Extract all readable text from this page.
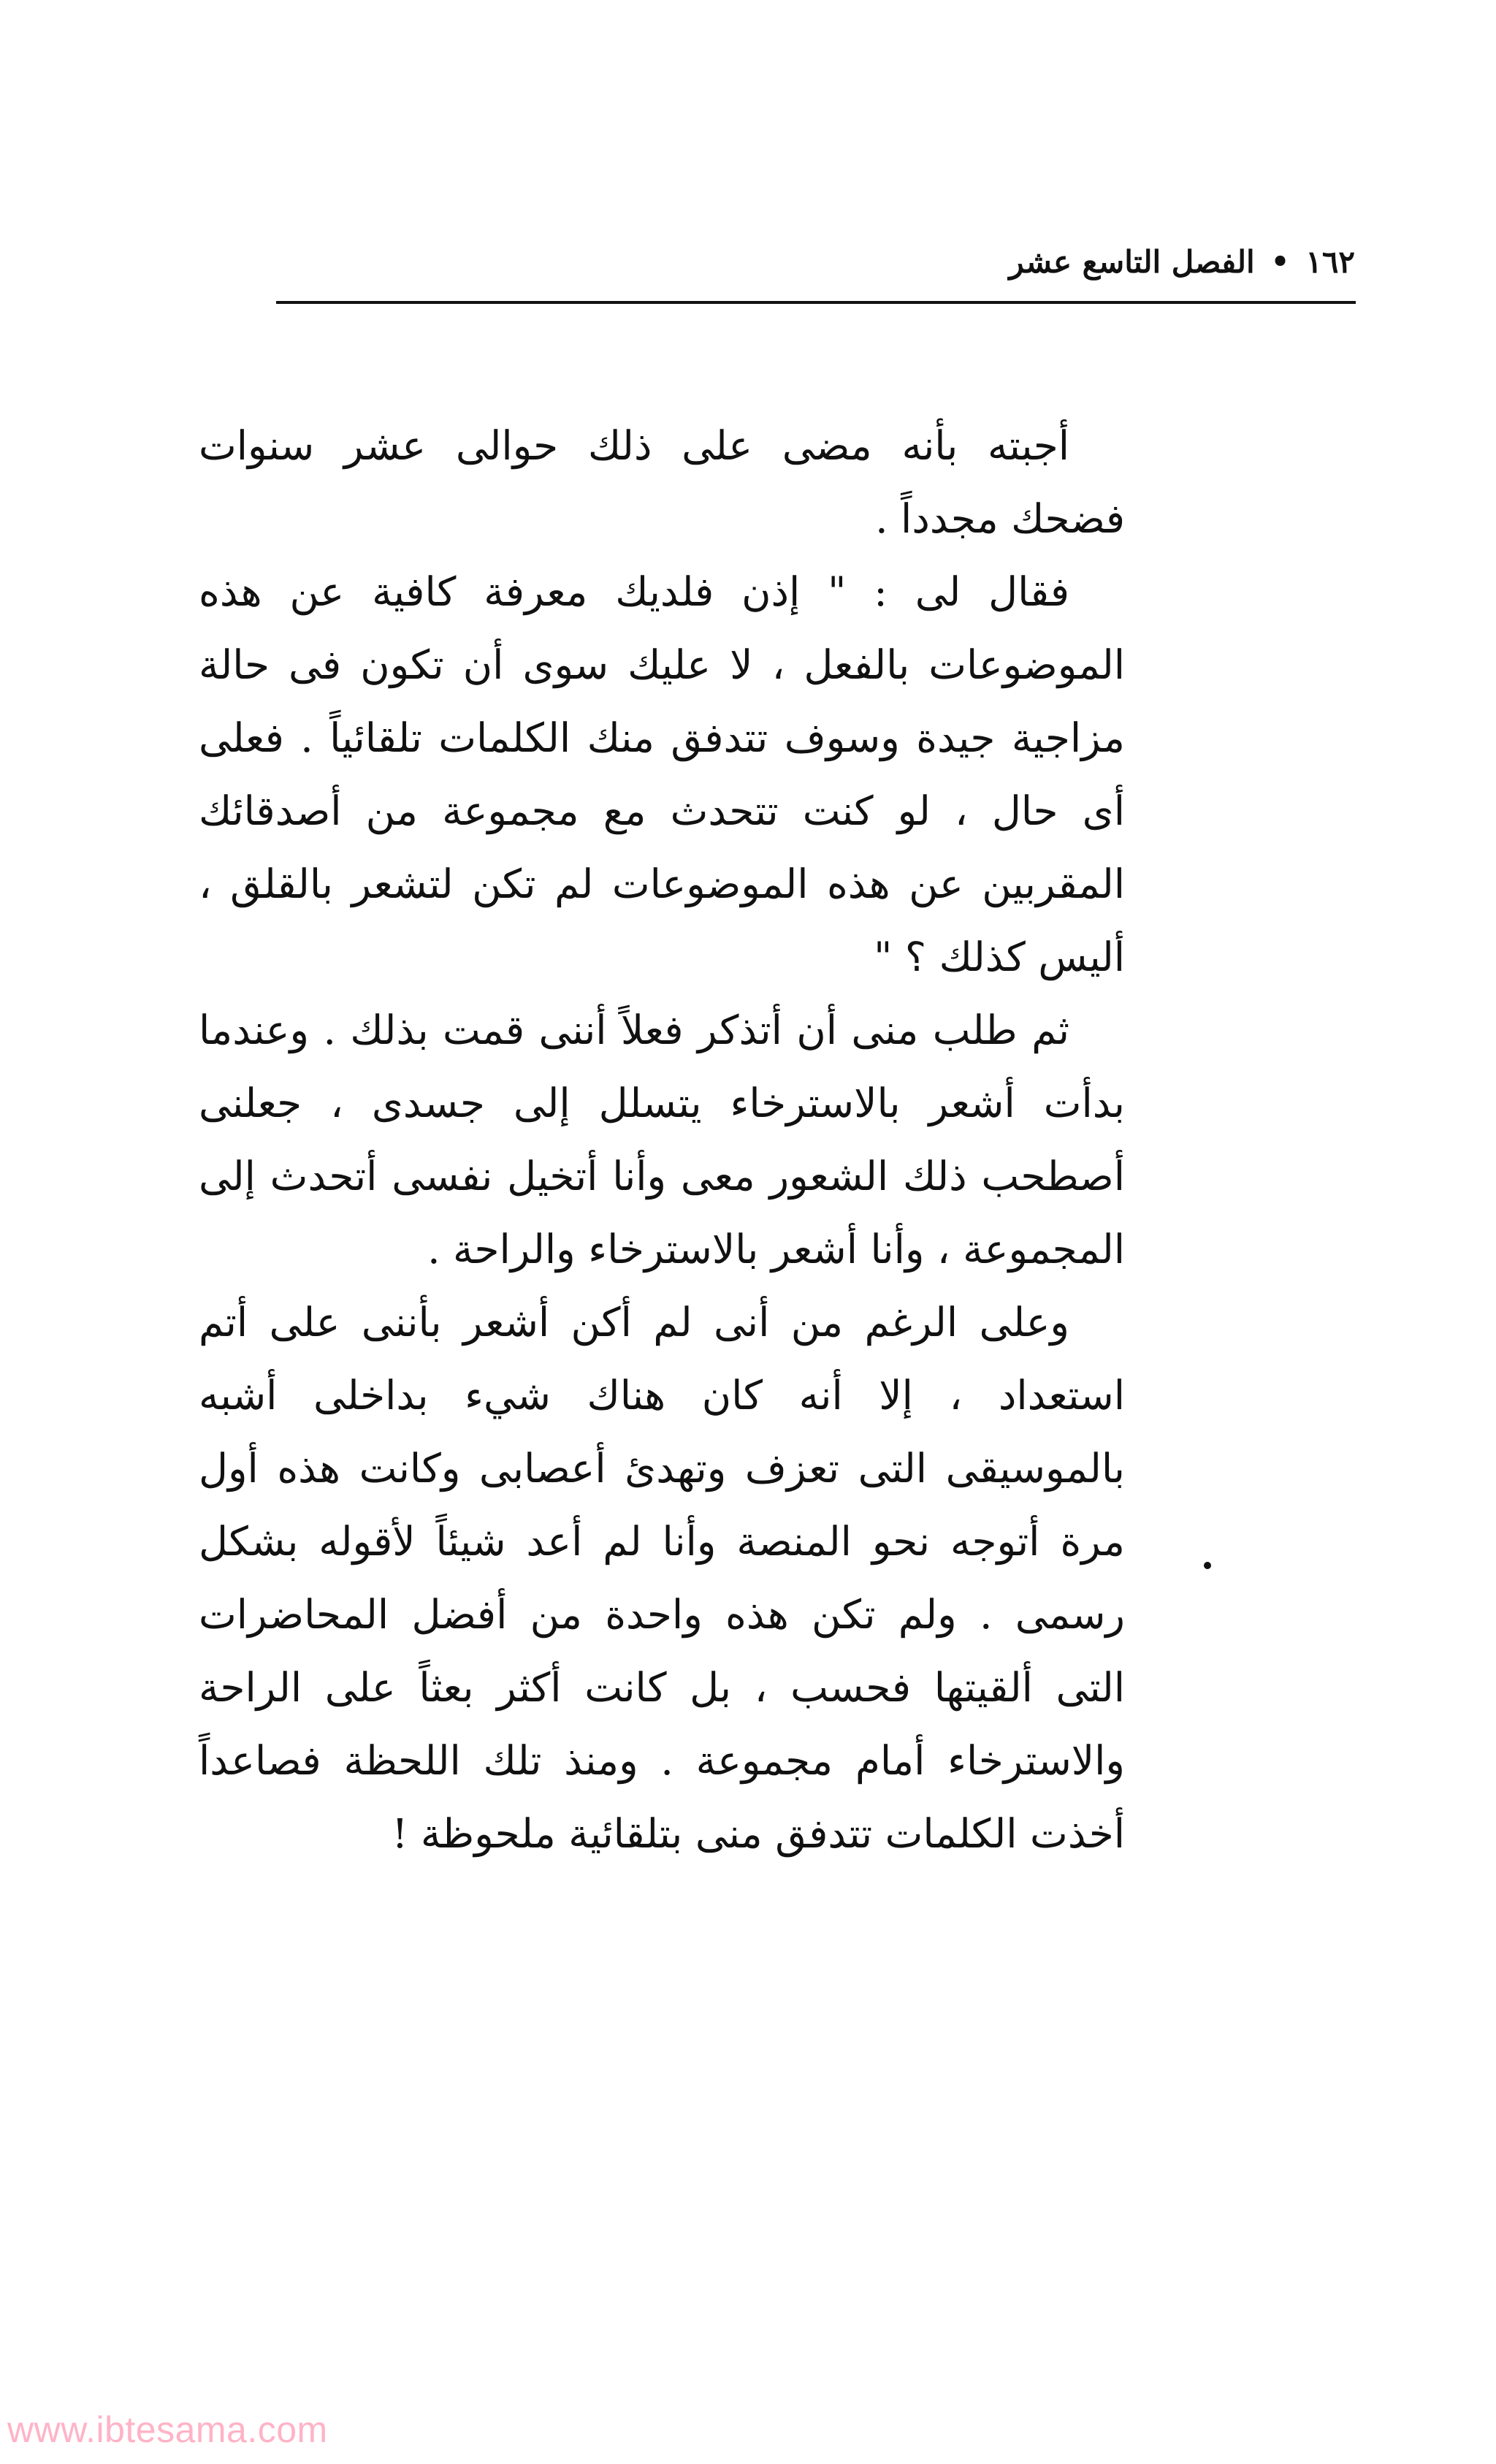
١٦٢
•
الفصل التاسع عشر

أجبته بأنه مضى على ذلك حوالى عشر سنوات فضحك مجدداً .

فقال لى : " إذن فلديك معرفة كافية عن هذه الموضوعات بالفعل ، لا عليك سوى أن تكون فى حالة مزاجية جيدة وسوف تتدفق منك الكلمات تلقائياً . فعلى أى حال ، لو كنت تتحدث مع مجموعة من أصدقائك المقربين عن هذه الموضوعات لم تكن لتشعر بالقلق ، أليس كذلك ؟ "

ثم طلب منى أن أتذكر فعلاً أننى قمت بذلك . وعندما بدأت أشعر بالاسترخاء يتسلل إلى جسدى ، جعلنى أصطحب ذلك الشعور معى وأنا أتخيل نفسى أتحدث إلى المجموعة ، وأنا أشعر بالاسترخاء والراحة .

وعلى الرغم من أنى لم أكن أشعر بأننى على أتم استعداد ، إلا أنه كان هناك شيء بداخلى أشبه بالموسيقى التى تعزف وتهدئ أعصابى وكانت هذه أول مرة أتوجه نحو المنصة وأنا لم أعد شيئاً لأقوله بشكل رسمى . ولم تكن هذه واحدة من أفضل المحاضرات التى ألقيتها فحسب ، بل كانت أكثر بعثاً على الراحة والاسترخاء أمام مجموعة . ومنذ تلك اللحظة فصاعداً أخذت الكلمات تتدفق منى بتلقائية ملحوظة !

www.ibtesama.com
